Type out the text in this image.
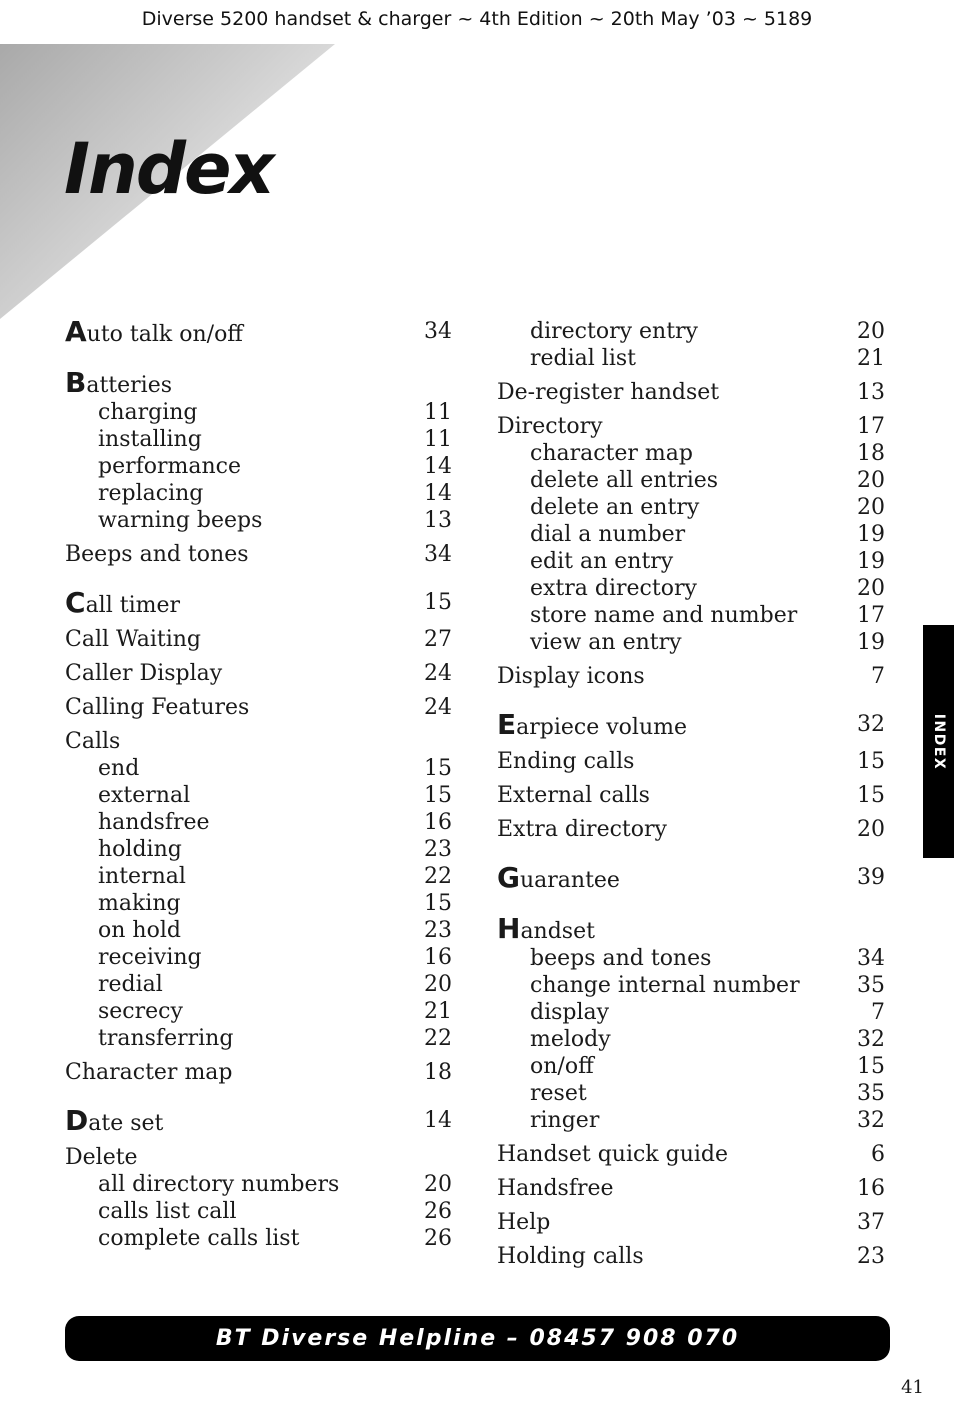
Diverse 5200 handset & charger ~ 4th Edition ~ 20th May ’03 ~ 5189
Index
Auto talk on/off	34
Batteries
charging	11
installing	11
performance	14
replacing	14
warning beeps	13
Beeps and tones	34
Call timer	15
Call Waiting	27
Caller Display	24
Calling Features	24
Calls
end	15
external	15
handsfree	16
holding	23
internal	22
making	15
on hold	23
receiving	16
redial	20
secrecy	21
transferring	22
Character map	18
Date set	14
Delete
all directory numbers	20
calls list call	26
complete calls list	26
directory entry	20
redial list	21
De-register handset	13
Directory	17
character map	18
delete all entries	20
delete an entry	20
dial a number	19
edit an entry	19
extra directory	20
store name and number	17
view an entry	19
Display icons	7
Earpiece volume	32
Ending calls	15
External calls	15
Extra directory	20
Guarantee	39
Handset
beeps and tones	34
change internal number	35
display	7
melody	32
on/off	15
reset	35
ringer	32
Handset quick guide	6
Handsfree	16
Help	37
Holding calls	23
INDEX
BT Diverse Helpline – 08457 908 070
41
